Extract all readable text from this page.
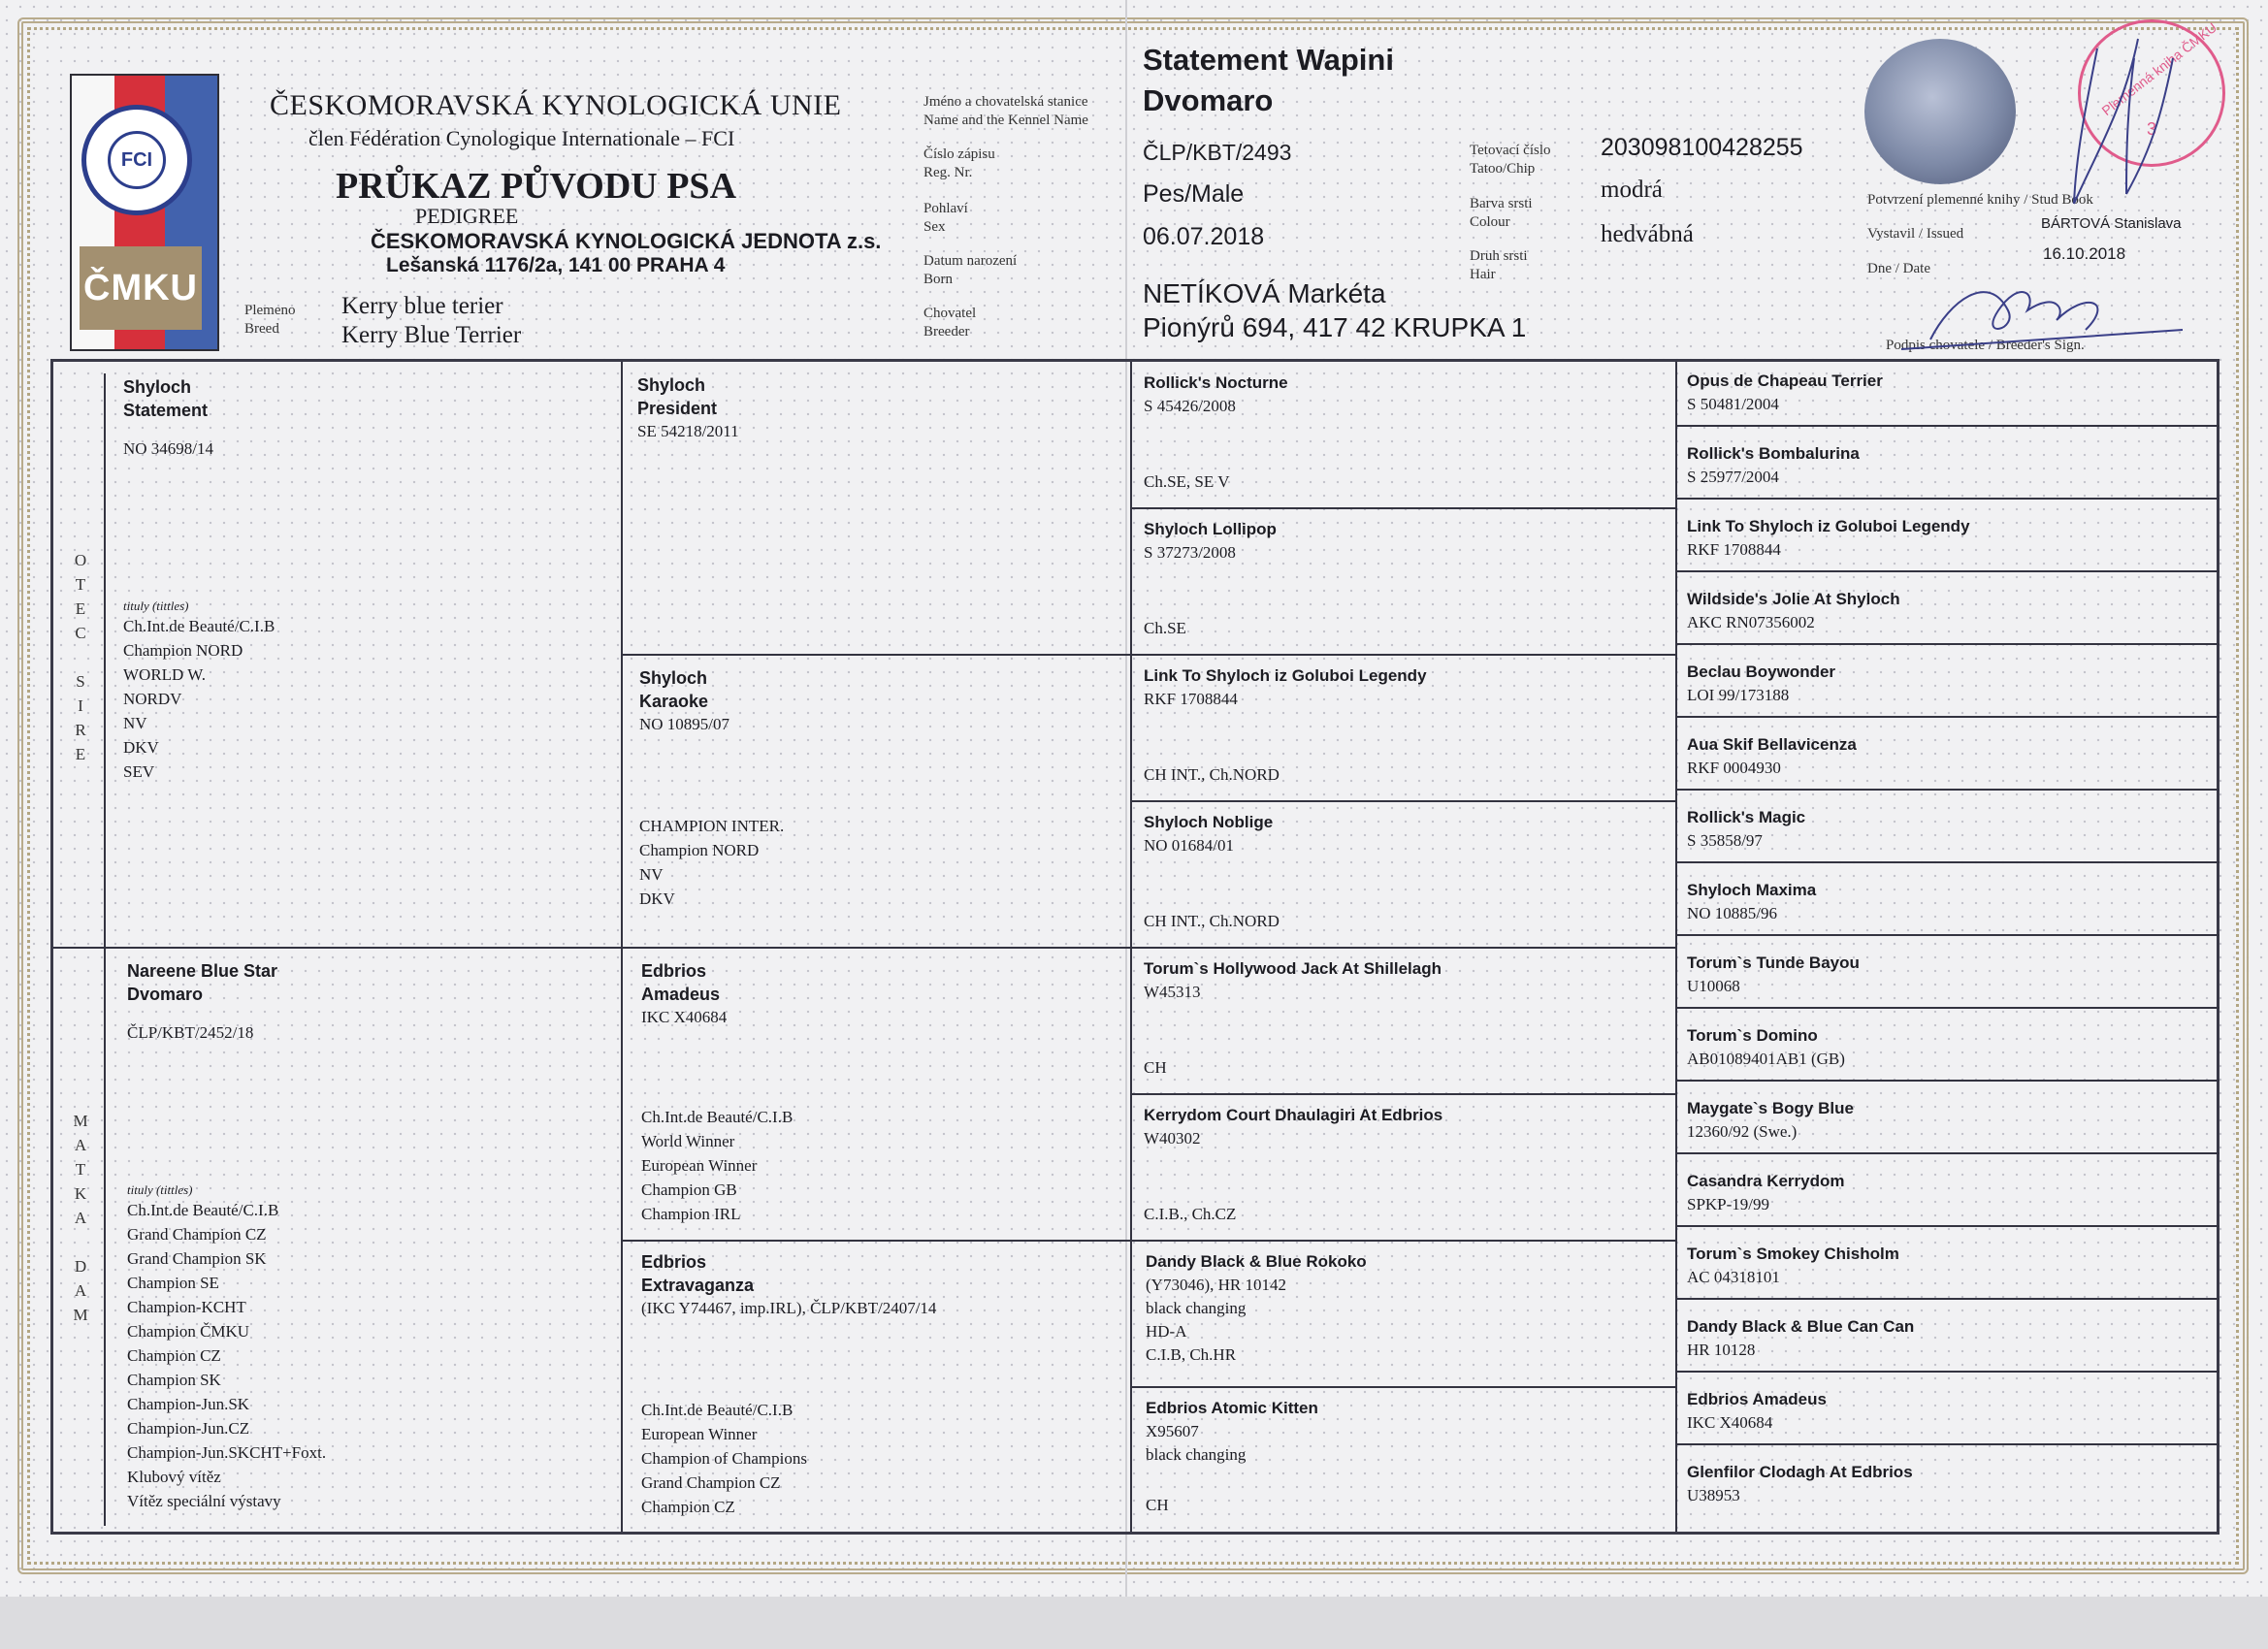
FCI
ČMKU
ČESKOMORAVSKÁ KYNOLOGICKÁ UNIE
člen Fédération Cynologique Internationale – FCI
PRŮKAZ PŮVODU PSA
PEDIGREE
ČESKOMORAVSKÁ KYNOLOGICKÁ JEDNOTA z.s.
Lešanská 1176/2a, 141 00 PRAHA 4
Plemeno
Breed
Kerry blue terier
Kerry Blue Terrier
Jméno a chovatelská stanice
Name and the Kennel Name
Číslo zápisu
Reg. Nr.
Pohlaví
Sex
Datum narození
Born
Chovatel
Breeder
Statement Wapini
Dvomaro
ČLP/KBT/2493
Pes/Male
06.07.2018
NETÍKOVÁ Markéta
Pionýrů 694, 417 42 KRUPKA 1
Tetovací číslo
Tatoo/Chip
Barva srsti
Colour
Druh srsti
Hair
203098100428255
modrá
hedvábná
Plemenná kniha ČMKU
3
Potvrzení plemenné knihy / Stud Book
Vystavil / Issued
BÁRTOVÁ Stanislava
Dne / Date
16.10.2018
Podpis chovatele / Breeder's Sign.
O
T
E
C
S
I
R
E
M
A
T
K
A
D
A
M
Shyloch
Statement
NO 34698/14
tituly (tittles)
Ch.Int.de Beauté/C.I.B
Champion NORD
WORLD W.
NORDV
NV
DKV
SEV
Nareene Blue Star
Dvomaro
ČLP/KBT/2452/18
tituly (tittles)
Ch.Int.de Beauté/C.I.B
Grand Champion CZ
Grand Champion SK
Champion SE
Champion-KCHT
Champion ČMKU
Champion CZ
Champion SK
Champion-Jun.SK
Champion-Jun.CZ
Champion-Jun.SKCHT+Foxt.
Klubový vítěz
Vítěz speciální výstavy
Shyloch
President
SE 54218/2011
Shyloch
Karaoke
NO 10895/07
CHAMPION INTER.
Champion NORD
NV
DKV
Edbrios
Amadeus
IKC X40684
Ch.Int.de Beauté/C.I.B
World Winner
European Winner
Champion GB
Champion IRL
Edbrios
Extravaganza
(IKC Y74467, imp.IRL), ČLP/KBT/2407/14
Ch.Int.de Beauté/C.I.B
European Winner
Champion of Champions
Grand Champion CZ
Champion CZ
Rollick's Nocturne
S 45426/2008
Ch.SE, SE V
Shyloch Lollipop
S 37273/2008
Ch.SE
Link To Shyloch iz Goluboi Legendy
RKF 1708844
CH INT., Ch.NORD
Shyloch Noblige
NO 01684/01
CH INT., Ch.NORD
Torum`s Hollywood Jack At Shillelagh
W45313
CH
Kerrydom Court Dhaulagiri At Edbrios
W40302
C.I.B., Ch.CZ
Dandy Black & Blue Rokoko
(Y73046), HR 10142
black changing
HD-A
C.I.B, Ch.HR
Edbrios Atomic Kitten
X95607
black changing
CH
Opus de Chapeau Terrier
S 50481/2004
Rollick's Bombalurina
S 25977/2004
Link To Shyloch iz Goluboi Legendy
RKF 1708844
Wildside's Jolie At Shyloch
AKC RN07356002
Beclau Boywonder
LOI 99/173188
Aua Skif Bellavicenza
RKF 0004930
Rollick's Magic
S 35858/97
Shyloch Maxima
NO 10885/96
Torum`s Tunde Bayou
U10068
Torum`s Domino
AB01089401AB1 (GB)
Maygate`s Bogy Blue
12360/92 (Swe.)
Casandra Kerrydom
SPKP-19/99
Torum`s Smokey Chisholm
AC 04318101
Dandy Black & Blue Can Can
HR 10128
Edbrios Amadeus
IKC X40684
Glenfilor Clodagh At Edbrios
U38953
